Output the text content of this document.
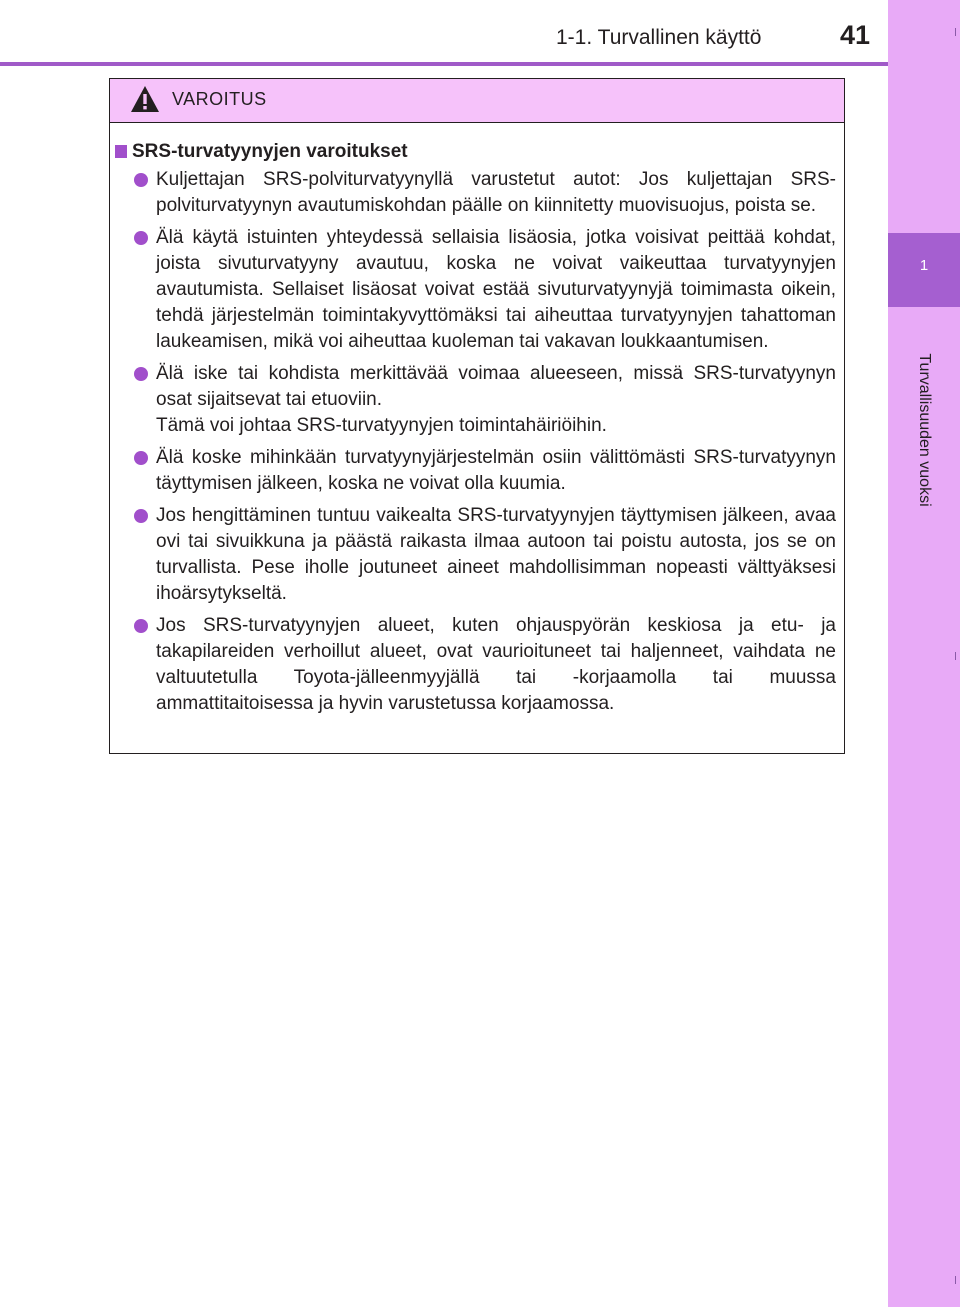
1-1. Turvallinen käyttö	41
1
Turvallisuuden vuoksi
VAROITUS
SRS-turvatyynyjen varoitukset
Kuljettajan SRS-polviturvatyynyllä varustetut autot: Jos kuljettajan SRS-polviturvatyynyn avautumiskohdan päälle on kiinnitetty muovisuojus, poista se.
Älä käytä istuinten yhteydessä sellaisia lisäosia, jotka voisivat peittää kohdat, joista sivuturvatyyny avautuu, koska ne voivat vaikeuttaa turvatyynyjen avautumista. Sellaiset lisäosat voivat estää sivuturvatyynyjä toimimasta oikein, tehdä järjestelmän toimintakyvyttömäksi tai aiheuttaa turvatyynyjen tahattoman laukeamisen, mikä voi aiheuttaa kuoleman tai vakavan loukkaantumisen.
Älä iske tai kohdista merkittävää voimaa alueeseen, missä SRS-turvatyynyn osat sijaitsevat tai etuoviin.
Tämä voi johtaa SRS-turvatyynyjen toimintahäiriöihin.
Älä koske mihinkään turvatyynyjärjestelmän osiin välittömästi SRS-turvatyynyn täyttymisen jälkeen, koska ne voivat olla kuumia.
Jos hengittäminen tuntuu vaikealta SRS-turvatyynyjen täyttymisen jälkeen, avaa ovi tai sivuikkuna ja päästä raikasta ilmaa autoon tai poistu autosta, jos se on turvallista. Pese iholle joutuneet aineet mahdollisimman nopeasti välttyäksesi ihoärsytykseltä.
Jos SRS-turvatyynyjen alueet, kuten ohjauspyörän keskiosa ja etu- ja takapilareiden verhoillut alueet, ovat vaurioituneet tai haljenneet, vaihdata ne valtuutetulla Toyota-jälleenmyyjällä tai -korjaamolla tai muussa ammattitaitoisessa ja hyvin varustetussa korjaamossa.
